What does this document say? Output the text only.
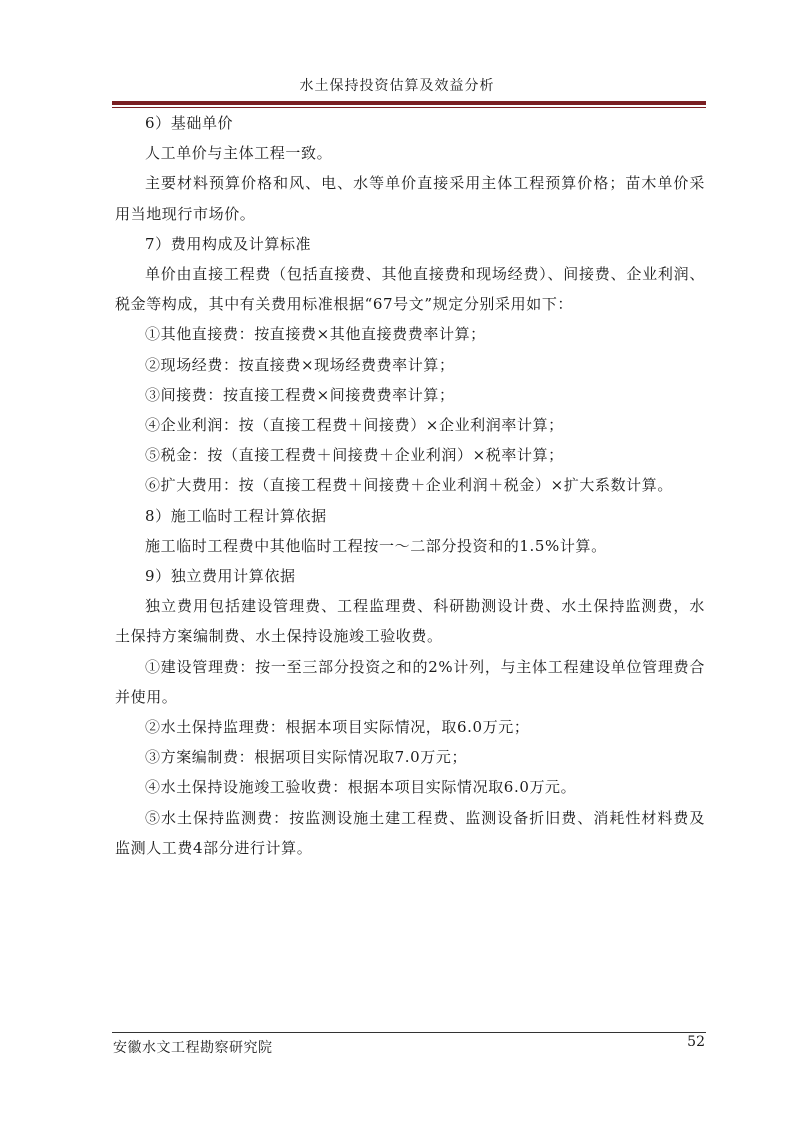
水土保持投资估算及效益分析

6）基础单价

人工单价与主体工程一致。

主要材料预算价格和风、电、水等单价直接采用主体工程预算价格；苗木单价采用当地现行市场价。

7）费用构成及计算标准

单价由直接工程费（包括直接费、其他直接费和现场经费）、间接费、企业利润、税金等构成，其中有关费用标准根据“67号文”规定分别采用如下：

①其他直接费：按直接费×其他直接费费率计算；

②现场经费：按直接费×现场经费费率计算；

③间接费：按直接工程费×间接费费率计算；

④企业利润：按（直接工程费＋间接费）×企业利润率计算；

⑤税金：按（直接工程费＋间接费＋企业利润）×税率计算；

⑥扩大费用：按（直接工程费＋间接费＋企业利润＋税金）×扩大系数计算。

8）施工临时工程计算依据

施工临时工程费中其他临时工程按一～二部分投资和的1.5%计算。

9）独立费用计算依据

独立费用包括建设管理费、工程监理费、科研勘测设计费、水土保持监测费，水土保持方案编制费、水土保持设施竣工验收费。

①建设管理费：按一至三部分投资之和的2%计列，与主体工程建设单位管理费合并使用。

②水土保持监理费：根据本项目实际情况，取6.0万元；

③方案编制费：根据项目实际情况取7.0万元；

④水土保持设施竣工验收费：根据本项目实际情况取6.0万元。

⑤水土保持监测费：按监测设施土建工程费、监测设备折旧费、消耗性材料费及监测人工费4部分进行计算。

安徽水文工程勘察研究院	52
